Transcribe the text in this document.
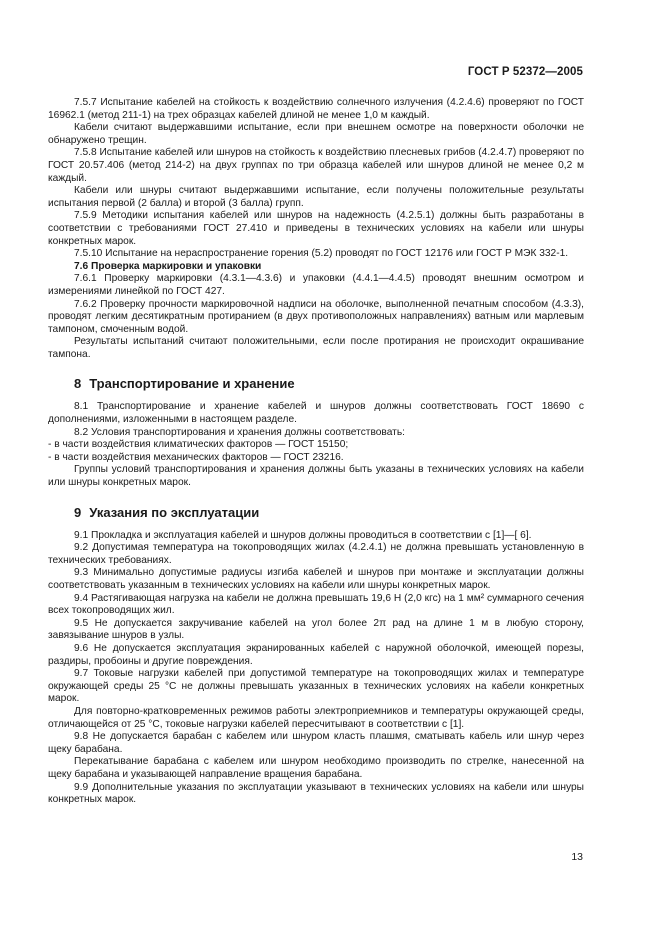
ГОСТ Р 52372—2005

7.5.7 Испытание кабелей на стойкость к воздействию солнечного излучения (4.2.4.6) проверяют по ГОСТ 16962.1 (метод 211-1) на трех образцах кабелей длиной не менее 1,0 м каждый.

Кабели считают выдержавшими испытание, если при внешнем осмотре на поверхности оболочки не обнаружено трещин.

7.5.8 Испытание кабелей или шнуров на стойкость к воздействию плесневых грибов (4.2.4.7) проверяют по ГОСТ 20.57.406 (метод 214-2) на двух группах по три образца кабелей или шнуров длиной не менее 0,2 м каждый.

Кабели или шнуры считают выдержавшими испытание, если получены положительные результаты испытания первой (2 балла) и второй (3 балла) групп.

7.5.9 Методики испытания кабелей или шнуров на надежность (4.2.5.1) должны быть разработаны в соответствии с требованиями ГОСТ 27.410 и приведены в технических условиях на кабели или шнуры конкретных марок.

7.5.10 Испытание на нераспространение горения (5.2) проводят по ГОСТ 12176 или ГОСТ Р МЭК 332-1.

7.6 Проверка маркировки и упаковки

7.6.1 Проверку маркировки (4.3.1—4.3.6) и упаковки (4.4.1—4.4.5) проводят внешним осмотром и измерениями линейкой по ГОСТ 427.

7.6.2 Проверку прочности маркировочной надписи на оболочке, выполненной печатным способом (4.3.3), проводят легким десятикратным протиранием (в двух противоположных направлениях) ватным или марлевым тампоном, смоченным водой.

Результаты испытаний считают положительными, если после протирания не происходит окрашивание тампона.

8 Транспортирование и хранение

8.1 Транспортирование и хранение кабелей и шнуров должны соответствовать ГОСТ 18690 с дополнениями, изложенными в настоящем разделе.

8.2 Условия транспортирования и хранения должны соответствовать:

- в части воздействия климатических факторов — ГОСТ 15150;

- в части воздействия механических факторов — ГОСТ 23216.

Группы условий транспортирования и хранения должны быть указаны в технических условиях на кабели или шнуры конкретных марок.

9 Указания по эксплуатации

9.1 Прокладка и эксплуатация кабелей и шнуров должны проводиться в соответствии с [1]—[ 6].

9.2 Допустимая температура на токопроводящих жилах (4.2.4.1) не должна превышать установленную в технических требованиях.

9.3 Минимально допустимые радиусы изгиба кабелей и шнуров при монтаже и эксплуатации должны соответствовать указанным в технических условиях на кабели или шнуры конкретных марок.

9.4 Растягивающая нагрузка на кабели не должна превышать 19,6 Н (2,0 кгс) на 1 мм² суммарного сечения всех токопроводящих жил.

9.5 Не допускается закручивание кабелей на угол более 2π рад на длине 1 м в любую сторону, завязывание шнуров в узлы.

9.6 Не допускается эксплуатация экранированных кабелей с наружной оболочкой, имеющей порезы, раздиры, пробоины и другие повреждения.

9.7 Токовые нагрузки кабелей при допустимой температуре на токопроводящих жилах и температуре окружающей среды 25 °С не должны превышать указанных в технических условиях на кабели конкретных марок.

Для повторно-кратковременных режимов работы электроприемников и температуры окружающей среды, отличающейся от 25 °С, токовые нагрузки кабелей пересчитывают в соответствии с [1].

9.8 Не допускается барабан с кабелем или шнуром класть плашмя, сматывать кабель или шнур через щеку барабана.

Перекатывание барабана с кабелем или шнуром необходимо производить по стрелке, нанесенной на щеку барабана и указывающей направление вращения барабана.

9.9 Дополнительные указания по эксплуатации указывают в технических условиях на кабели или шнуры конкретных марок.

13
